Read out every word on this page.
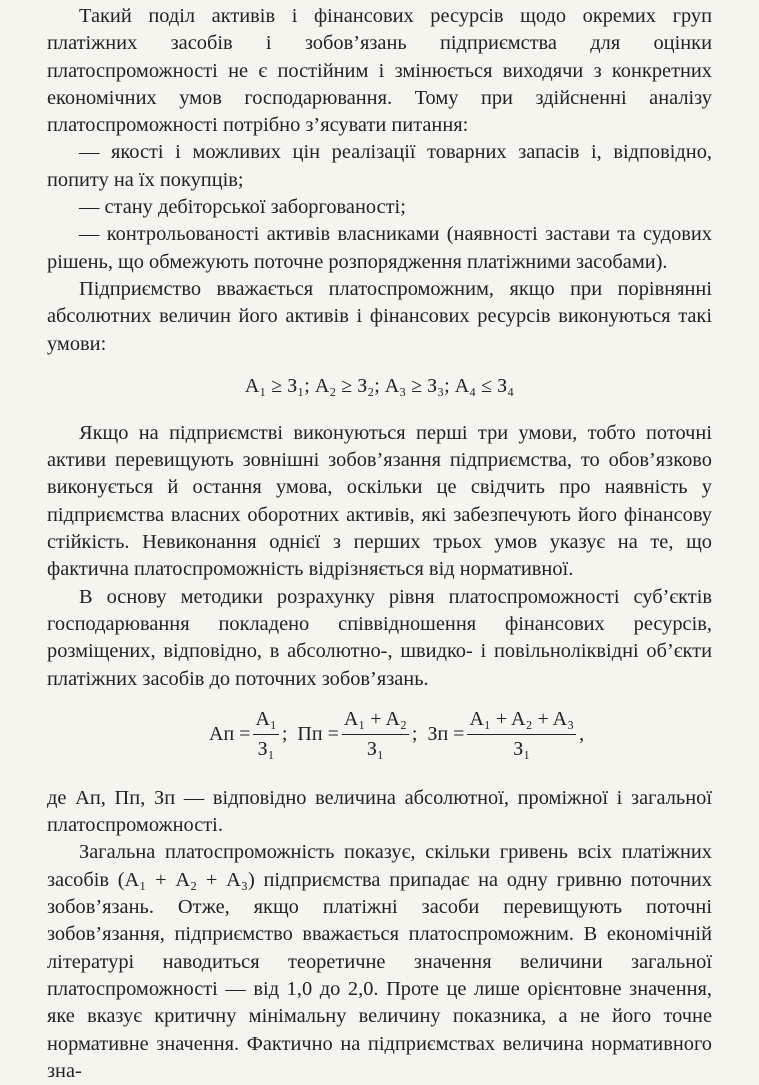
Такий поділ активів і фінансових ресурсів щодо окремих груп платіжних засобів і зобов’язань підприємства для оцінки платоспроможності не є постійним і змінюється виходячи з конкретних економічних умов господарювання. Тому при здійсненні аналізу платоспроможності потрібно з’ясувати питання:

— якості і можливих цін реалізації товарних запасів і, відповідно, попиту на їх покупців;

— стану дебіторської заборгованості;

— контрольованості активів власниками (наявності застави та судових рішень, що обмежують поточне розпорядження платіжними засобами).

Підприємство вважається платоспроможним, якщо при порівнянні абсолютних величин його активів і фінансових ресурсів виконуються такі умови:

A₁ ≥ З₁; A₂ ≥ З₂; A₃ ≥ З₃; A₄ ≤ З₄

Якщо на підприємстві виконуються перші три умови, тобто поточні активи перевищують зовнішні зобов’язання підприємства, то обов’язково виконується й остання умова, оскільки це свідчить про наявність у підприємства власних оборотних активів, які забезпечують його фінансову стійкість. Невиконання однієї з перших трьох умов указує на те, що фактична платоспроможність відрізняється від нормативної.

В основу методики розрахунку рівня платоспроможності суб’єктів господарювання покладено співвідношення фінансових ресурсів, розміщених, відповідно, в абсолютно-, швидко- і повільноліквідні об’єкти платіжних засобів до поточних зобов’язань.

Ап = $\frac{\text{A₁}}{\text{З₁}}$ ;
Пп = $\frac{\text{A₁ + A₂}}{\text{З₁}}$ ;
Зп = $\frac{\text{A₁ + A₂ + A₃}}{\text{З₁}}$ ,

де Ап, Пп, Зп — відповідно величина абсолютної, проміжної і загальної платоспроможності.

Загальна платоспроможність показує, скільки гривень всіх платіжних засобів (А₁ + А₂ + А₃) підприємства припадає на одну гривню поточних зобов’язань. Отже, якщо платіжні засоби перевищують поточні зобов’язання, підприємство вважається платоспроможним. В економічній літературі наводиться теоретичне значення величини загальної платоспроможності — від 1,0 до 2,0. Проте це лише орієнтовне значення, яке вказує критичну мінімальну величину показника, а не його точне нормативне значення. Фактично на підприємствах величина нормативного зна-
